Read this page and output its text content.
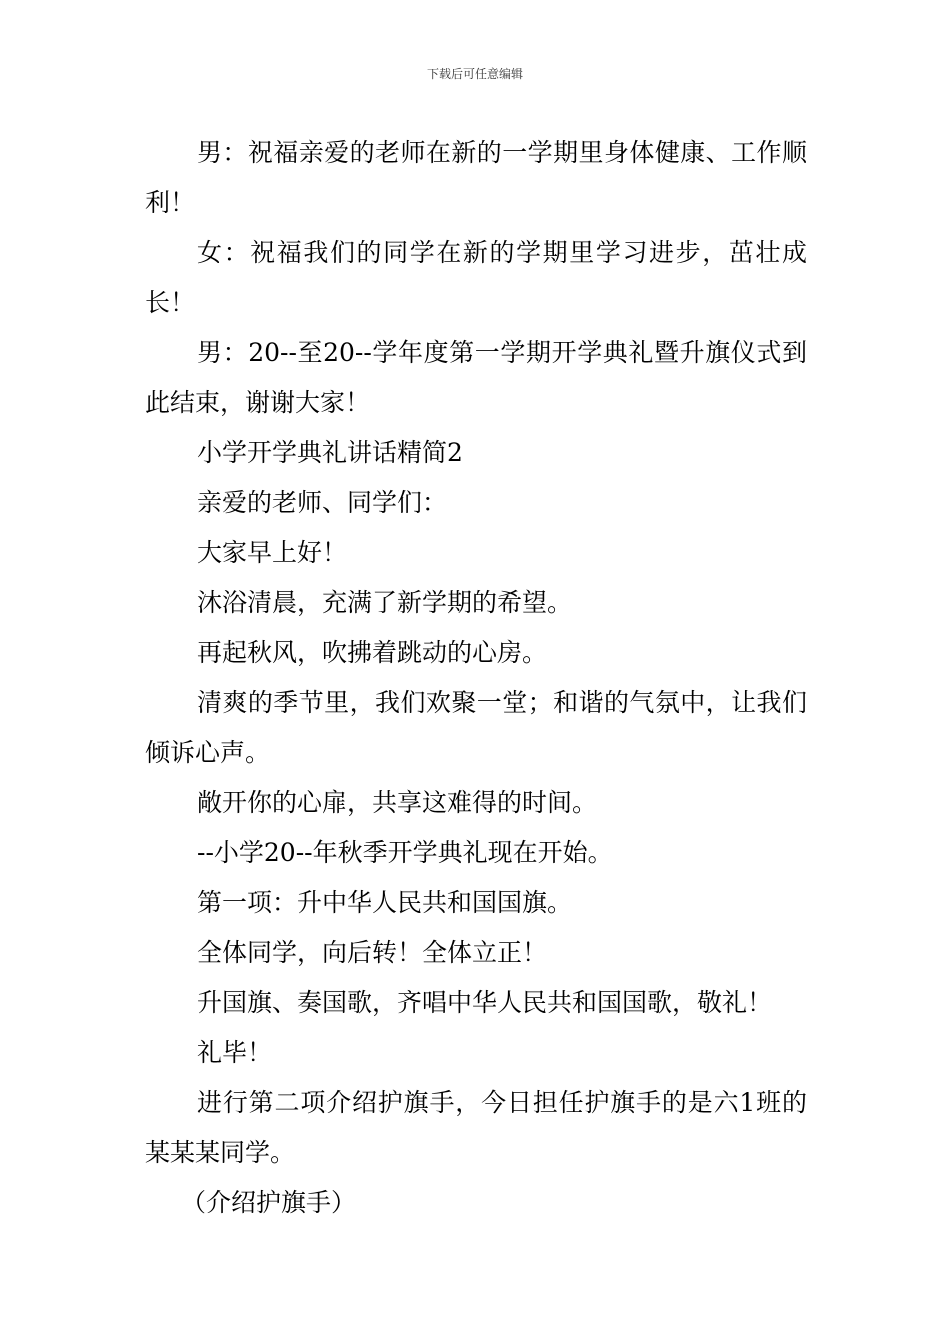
下载后可任意编辑

男：祝福亲爱的老师在新的一学期里身体健康、工作顺利！

女：祝福我们的同学在新的学期里学习进步，茁壮成长！

男：20--至20--学年度第一学期开学典礼暨升旗仪式到此结束，谢谢大家！

小学开学典礼讲话精简2

亲爱的老师、同学们：

大家早上好！

沐浴清晨，充满了新学期的希望。

再起秋风，吹拂着跳动的心房。

清爽的季节里，我们欢聚一堂；和谐的气氛中，让我们倾诉心声。

敞开你的心扉，共享这难得的时间。

--小学20--年秋季开学典礼现在开始。

第一项：升中华人民共和国国旗。

全体同学，向后转！全体立正！

升国旗、奏国歌，齐唱中华人民共和国国歌，敬礼！

礼毕！

进行第二项介绍护旗手，今日担任护旗手的是六1班的某某某同学。

（介绍护旗手）
